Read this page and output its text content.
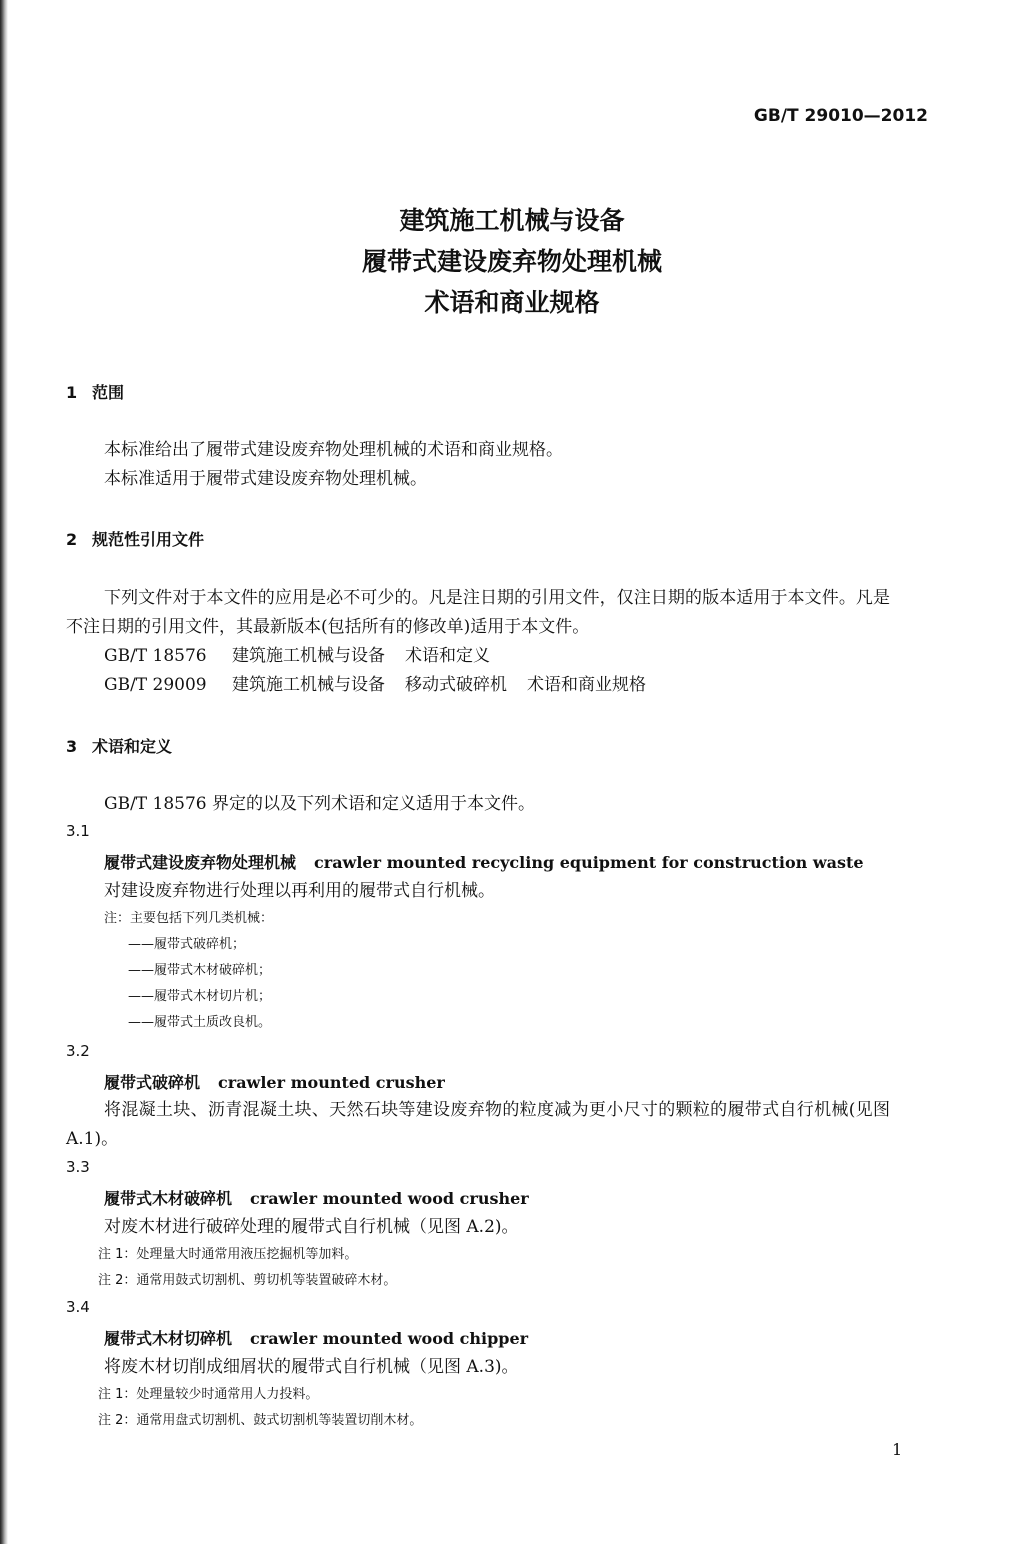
GB/T 29010—2012
建筑施工机械与设备
履带式建设废弃物处理机械
术语和商业规格
1 范围
本标准给出了履带式建设废弃物处理机械的术语和商业规格。
本标准适用于履带式建设废弃物处理机械。
2 规范性引用文件
下列文件对于本文件的应用是必不可少的。凡是注日期的引用文件，仅注日期的版本适用于本文件。凡是不注日期的引用文件，其最新版本(包括所有的修改单)适用于本文件。
GB/T 18576 建筑施工机械与设备 术语和定义
GB/T 29009 建筑施工机械与设备 移动式破碎机 术语和商业规格
3 术语和定义
GB/T 18576 界定的以及下列术语和定义适用于本文件。
3.1
履带式建设废弃物处理机械 crawler mounted recycling equipment for construction waste
对建设废弃物进行处理以再利用的履带式自行机械。
注：主要包括下列几类机械：
——履带式破碎机；
——履带式木材破碎机；
——履带式木材切片机；
——履带式土质改良机。
3.2
履带式破碎机 crawler mounted crusher
将混凝土块、沥青混凝土块、天然石块等建设废弃物的粒度减为更小尺寸的颗粒的履带式自行机械(见图 A.1)。
3.3
履带式木材破碎机 crawler mounted wood crusher
对废木材进行破碎处理的履带式自行机械（见图 A.2)。
注 1：处理量大时通常用液压挖掘机等加料。
注 2：通常用鼓式切割机、剪切机等装置破碎木材。
3.4
履带式木材切碎机 crawler mounted wood chipper
将废木材切削成细屑状的履带式自行机械（见图 A.3)。
注 1：处理量较少时通常用人力投料。
注 2：通常用盘式切割机、鼓式切割机等装置切削木材。
1
